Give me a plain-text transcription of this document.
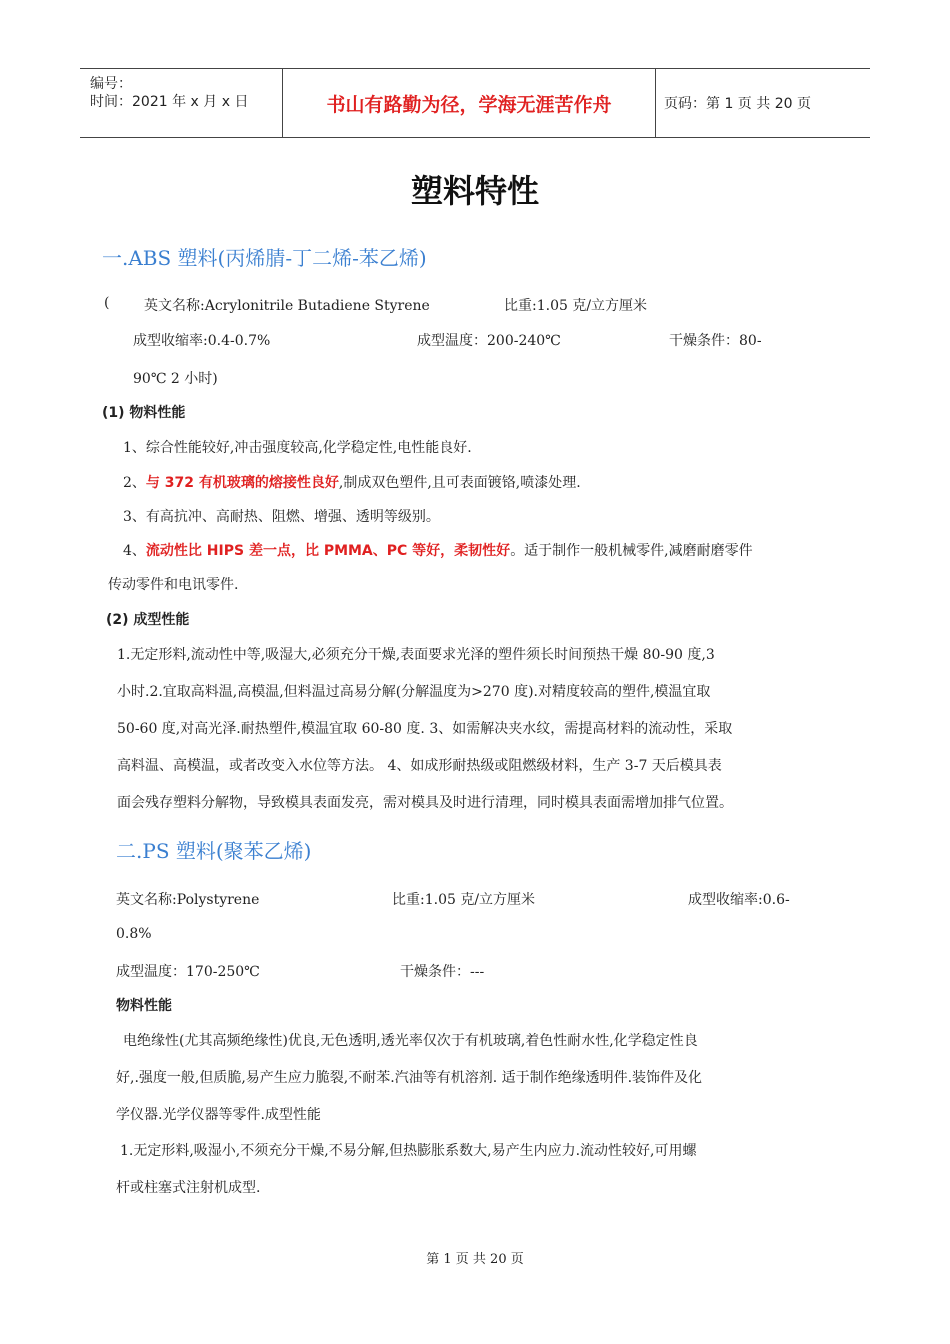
编号：
时间：2021 年 x 月 x 日	书山有路勤为径，学海无涯苦作舟	页码：第 1 页 共 20 页
塑料特性
一.ABS 塑料(丙烯腈-丁二烯-苯乙烯)
( 英文名称:Acrylonitrile Butadiene Styrene	比重:1.05 克/立方厘米
成型收缩率:0.4-0.7%	成型温度：200-240℃	干燥条件：80-
90℃ 2 小时)
(1) 物料性能
1、综合性能较好,冲击强度较高,化学稳定性,电性能良好.
2、与 372 有机玻璃的熔接性良好,制成双色塑件,且可表面镀铬,喷漆处理.
3、有高抗冲、高耐热、阻燃、增强、透明等级别。
4、流动性比 HIPS 差一点，比 PMMA、PC 等好，柔韧性好。适于制作一般机械零件,减磨耐磨零件
传动零件和电讯零件.
(2) 成型性能
1.无定形料,流动性中等,吸湿大,必须充分干燥,表面要求光泽的塑件须长时间预热干燥 80-90 度,3
小时.2.宜取高料温,高模温,但料温过高易分解(分解温度为>270 度).对精度较高的塑件,模温宜取
50-60 度,对高光泽.耐热塑件,模温宜取 60-80 度. 3、如需解决夹水纹，需提高材料的流动性，采取
高料温、高模温，或者改变入水位等方法。 4、如成形耐热级或阻燃级材料，生产 3-7 天后模具表
面会残存塑料分解物，导致模具表面发亮，需对模具及时进行清理，同时模具表面需增加排气位置。
二.PS 塑料(聚苯乙烯)
英文名称:Polystyrene	比重:1.05 克/立方厘米	成型收缩率:0.6-
0.8%
成型温度：170-250℃	干燥条件：---
物料性能
电绝缘性(尤其高频绝缘性)优良,无色透明,透光率仅次于有机玻璃,着色性耐水性,化学稳定性良
好,.强度一般,但质脆,易产生应力脆裂,不耐苯.汽油等有机溶剂. 适于制作绝缘透明件.装饰件及化
学仪器.光学仪器等零件.成型性能
1.无定形料,吸湿小,不须充分干燥,不易分解,但热膨胀系数大,易产生内应力.流动性较好,可用螺
杆或柱塞式注射机成型.
第 1 页 共 20 页
